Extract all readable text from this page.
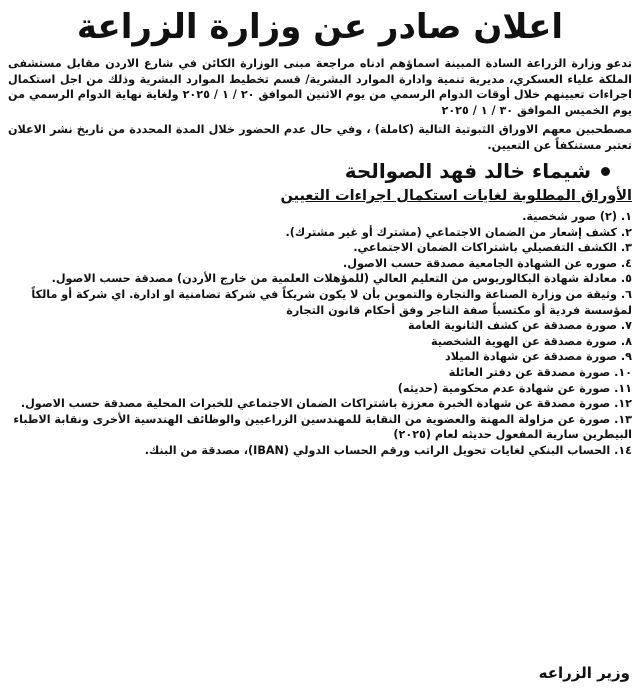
اعلان صادر عن وزارة الزراعة

تدعو وزارة الزراعة السادة المبينة اسماؤهم ادناه مراجعة مبنى الوزارة الكائن في شارع الاردن مقابل مستشفى الملكة علياء العسكري، مديرية تنمية وادارة الموارد البشرية/ قسم تخطيط الموارد البشرية وذلك من اجل استكمال اجراءات تعيينهم خلال أوقات الدوام الرسمي من يوم الاثنين الموافق ٢٠ / ١ / ٢٠٢٥ ولغاية نهاية الدوام الرسمي من يوم الخميس الموافق ٣٠ / ١ / ٢٠٢٥

مصطحبين معهم الاوراق الثبوتية التالية (كاملة) ، وفي حال عدم الحضور خلال المدة المحددة من تاريخ نشر الاعلان تعتبر مستنكفاً عن التعيين.

شيماء خالد فهد الصوالحة
الأوراق المطلوبة لغايات استكمال اجراءات التعيين
١. (٢) صور شخصية.
٢. كشف إشعار من الضمان الاجتماعي (مشترك أو غير مشترك).
٣. الكشف التفصيلي باشتراكات الضمان الاجتماعي.
٤. صوره عن الشهادة الجامعية مصدقة حسب الاصول.
٥. معادلة شهادة البكالوريوس من التعليم العالي (للمؤهلات العلمية من خارج الأردن) مصدقة حسب الاصول.
٦. وثيقة من وزارة الصناعة والتجارة والتموين بأن لا يكون شريكاً في شركة تضامنية او ادارة. اي شركة أو مالكاً لمؤسسة فردية أو مكتسباً صفة التاجر وفق أحكام قانون التجارة
٧. صورة مصدقة عن كشف الثانوية العامة
٨. صورة مصدقة عن الهوية الشخصية
٩. صورة مصدقة عن شهادة الميلاد
١٠. صورة مصدقة عن دفتر العائلة
١١. صورة عن شهادة عدم محكومية (حديثه)
١٢. صورة مصدقة عن شهادة الخبرة معززة باشتراكات الضمان الاجتماعي للخبرات المحلية مصدقة حسب الاصول.
١٣. صورة عن مزاولة المهنة والعضوية من النقابة للمهندسين الزراعيين والوظائف الهندسية الأخرى ونقابة الاطباء البيطرين سارية المفعول حديثه لعام (٢٠٢٥)
١٤. الحساب البنكي لغايات تحويل الراتب ورقم الحساب الدولي (IBAN)، مصدقة من البنك.
وزير الزراعه
